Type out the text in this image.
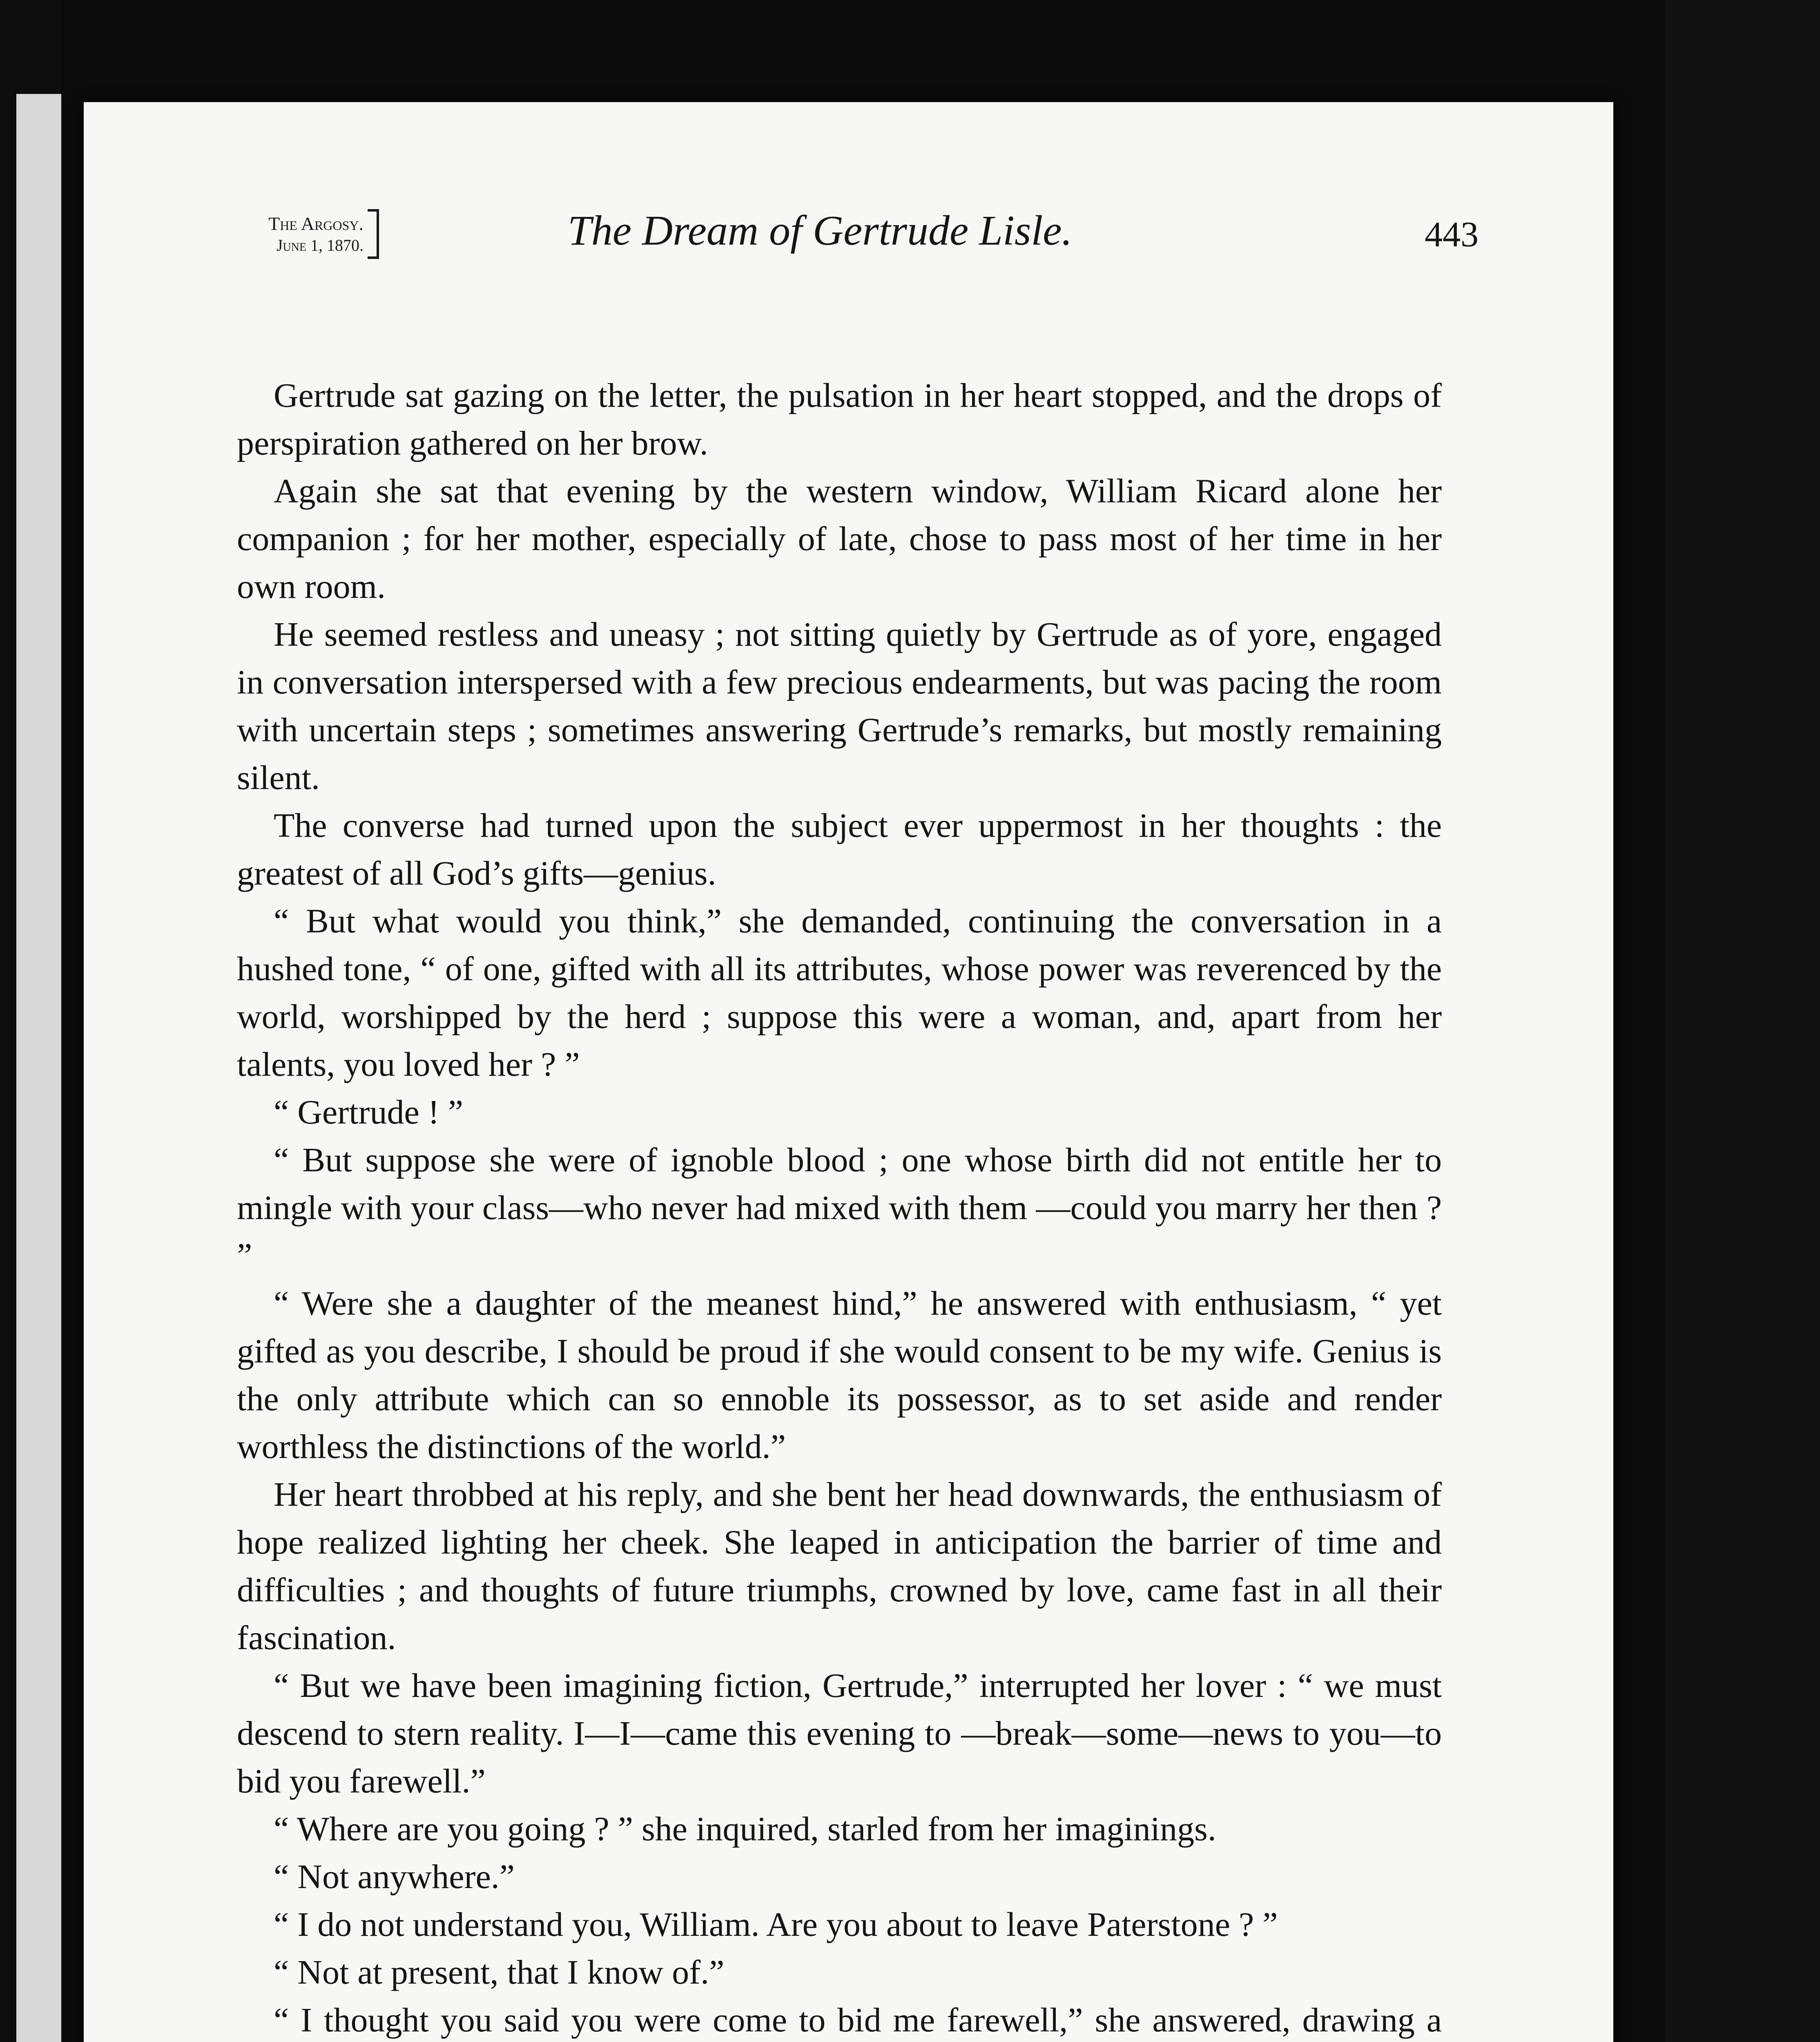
The Argosy.
June 1, 1870.	The Dream of Gertrude Lisle.	443

Gertrude sat gazing on the letter, the pulsation in her heart stopped, and the drops of perspiration gathered on her brow.

Again she sat that evening by the western window, William Ricard alone her companion ; for her mother, especially of late, chose to pass most of her time in her own room.

He seemed restless and uneasy ; not sitting quietly by Gertrude as of yore, engaged in conversation interspersed with a few precious endearments, but was pacing the room with uncertain steps ; sometimes answering Gertrude’s remarks, but mostly remaining silent.

The converse had turned upon the subject ever uppermost in her thoughts : the greatest of all God’s gifts—genius.

“ But what would you think,” she demanded, continuing the conversation in a hushed tone, “ of one, gifted with all its attributes, whose power was reverenced by the world, worshipped by the herd ; suppose this were a woman, and, apart from her talents, you loved her ? ”

“ Gertrude ! ”

“ But suppose she were of ignoble blood ; one whose birth did not entitle her to mingle with your class—who never had mixed with them —could you marry her then ? ”

“ Were she a daughter of the meanest hind,” he answered with enthusiasm, “ yet gifted as you describe, I should be proud if she would consent to be my wife. Genius is the only attribute which can so ennoble its possessor, as to set aside and render worthless the distinctions of the world.”

Her heart throbbed at his reply, and she bent her head downwards, the enthusiasm of hope realized lighting her cheek. She leaped in anticipation the barrier of time and difficulties ; and thoughts of future triumphs, crowned by love, came fast in all their fascination.

“ But we have been imagining fiction, Gertrude,” interrupted her lover : “ we must descend to stern reality. I—I—came this evening to —break—some—news to you—to bid you farewell.”

“ Where are you going ? ” she inquired, starled from her imaginings.

“ Not anywhere.”

“ I do not understand you, William. Are you about to leave Paterstone ? ”

“ Not at present, that I know of.”

“ I thought you said you were come to bid me farewell,” she answered, drawing a
